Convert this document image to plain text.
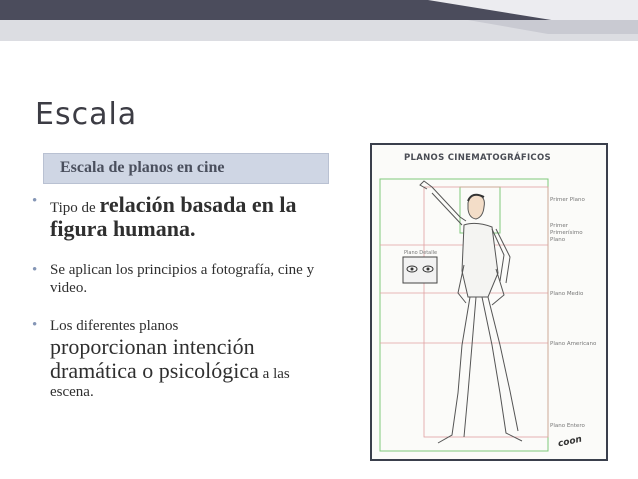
Escala
Escala de planos en cine
• Tipo de relación basada en la figura humana.
• Se aplican los principios a fotografía, cine y video.
• Los diferentes planos
proporcionan intención dramática o psicológica a las escena.
PLANOS CINEMATOGRÁFICOS
Primer Plano
Primer Primerísimo Plano
Plano Medio
Plano Americano
Plano Entero
Plano Detalle
coon
